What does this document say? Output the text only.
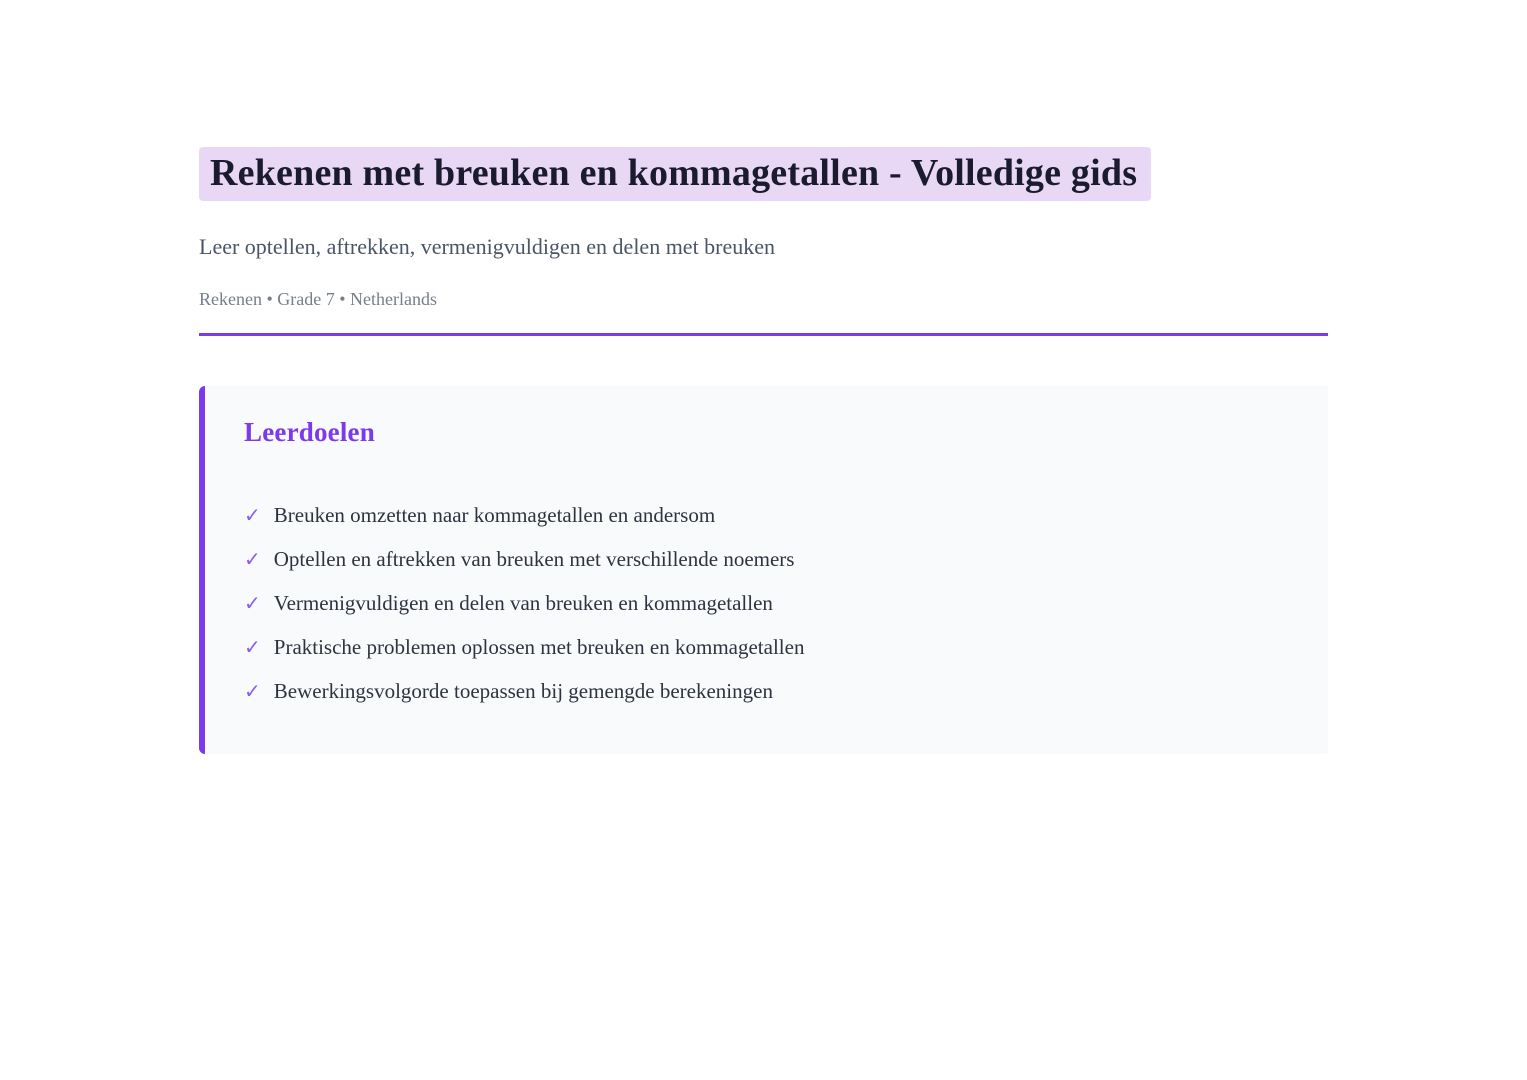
Rekenen met breuken en kommagetallen - Volledige gids

Leer optellen, aftrekken, vermenigvuldigen en delen met breuken

Rekenen • Grade 7 • Netherlands

Leerdoelen
✓ Breuken omzetten naar kommagetallen en andersom
✓ Optellen en aftrekken van breuken met verschillende noemers
✓ Vermenigvuldigen en delen van breuken en kommagetallen
✓ Praktische problemen oplossen met breuken en kommagetallen
✓ Bewerkingsvolgorde toepassen bij gemengde berekeningen
